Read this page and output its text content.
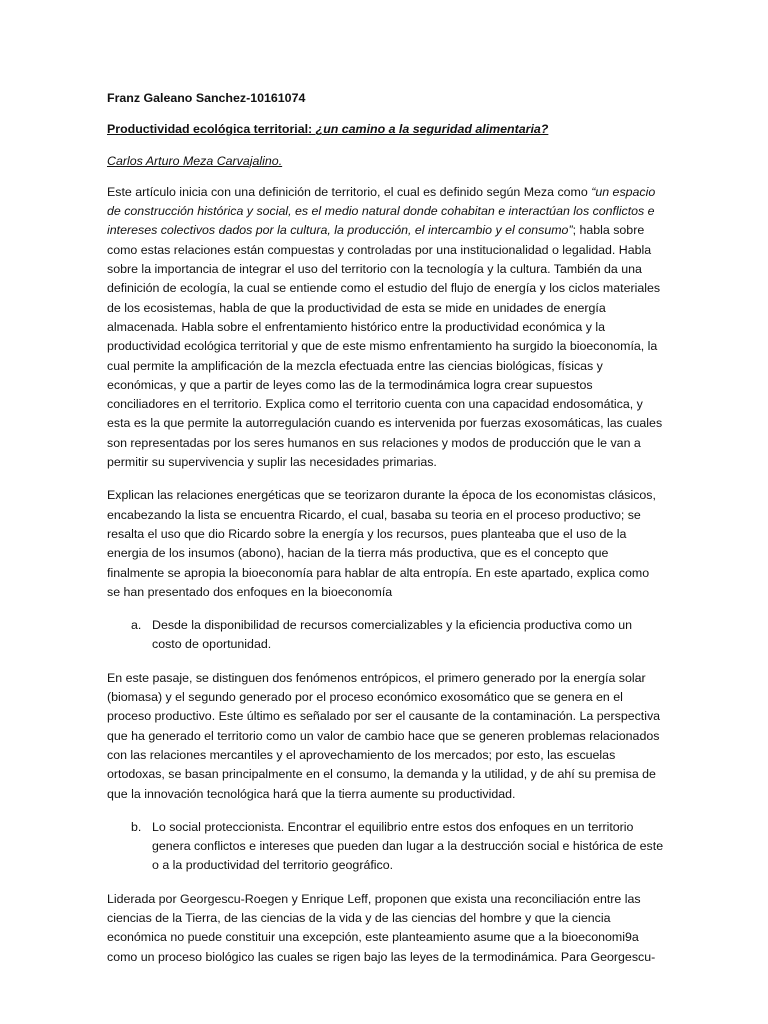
Franz Galeano Sanchez-10161074

Productividad ecológica territorial: ¿un camino a la seguridad alimentaria?

Carlos Arturo Meza Carvajalino.

Este artículo inicia con una definición de territorio, el cual es definido según Meza como “un espacio de construcción histórica y social, es el medio natural donde cohabitan e interactúan los conflictos e intereses colectivos dados por la cultura, la producción, el intercambio y el consumo”; habla sobre como estas relaciones están compuestas y controladas por una institucionalidad o legalidad. Habla sobre la importancia de integrar el uso del territorio con la tecnología y la cultura. También da una definición de ecología, la cual se entiende como el estudio del flujo de energía y los ciclos materiales de los ecosistemas, habla de que la productividad de esta se mide en unidades de energía almacenada. Habla sobre el enfrentamiento histórico entre la productividad económica y la productividad ecológica territorial y que de este mismo enfrentamiento ha surgido la bioeconomía, la cual permite la amplificación de la mezcla efectuada entre las ciencias biológicas, físicas y económicas, y que a partir de leyes como las de la termodinámica logra crear supuestos conciliadores en el territorio. Explica como el territorio cuenta con una capacidad endosomática, y esta es la que permite la autorregulación cuando es intervenida por fuerzas exosomáticas, las cuales son representadas por los seres humanos en sus relaciones y modos de producción que le van a permitir su supervivencia y suplir las necesidades primarias.

Explican las relaciones energéticas que se teorizaron durante la época de los economistas clásicos, encabezando la lista se encuentra Ricardo, el cual, basaba su teoria en el proceso productivo; se resalta el uso que dio Ricardo sobre la energía y los recursos, pues planteaba que el uso de la energia de los insumos (abono), hacian de la tierra más productiva, que es el concepto que finalmente se apropia la bioeconomía para hablar de alta entropía. En este apartado, explica como se han presentado dos enfoques en la bioeconomía

a. Desde la disponibilidad de recursos comercializables y la eficiencia productiva como un costo de oportunidad.

En este pasaje, se distinguen dos fenómenos entrópicos, el primero generado por la energía solar (biomasa) y el segundo generado por el proceso económico exosomático que se genera en el proceso productivo. Este último es señalado por ser el causante de la contaminación. La perspectiva que ha generado el territorio como un valor de cambio hace que se generen problemas relacionados con las relaciones mercantiles y el aprovechamiento de los mercados; por esto, las escuelas ortodoxas, se basan principalmente en el consumo, la demanda y la utilidad, y de ahí su premisa de que la innovación tecnológica hará que la tierra aumente su productividad.

b. Lo social proteccionista. Encontrar el equilibrio entre estos dos enfoques en un territorio genera conflictos e intereses que pueden dan lugar a la destrucción social e histórica de este o a la productividad del territorio geográfico.

Liderada por Georgescu-Roegen y Enrique Leff, proponen que exista una reconciliación entre las ciencias de la Tierra, de las ciencias de la vida y de las ciencias del hombre y que la ciencia económica no puede constituir una excepción, este planteamiento asume que a la bioeconomi9a como un proceso biológico las cuales se rigen bajo las leyes de la termodinámica. Para Georgescu-
